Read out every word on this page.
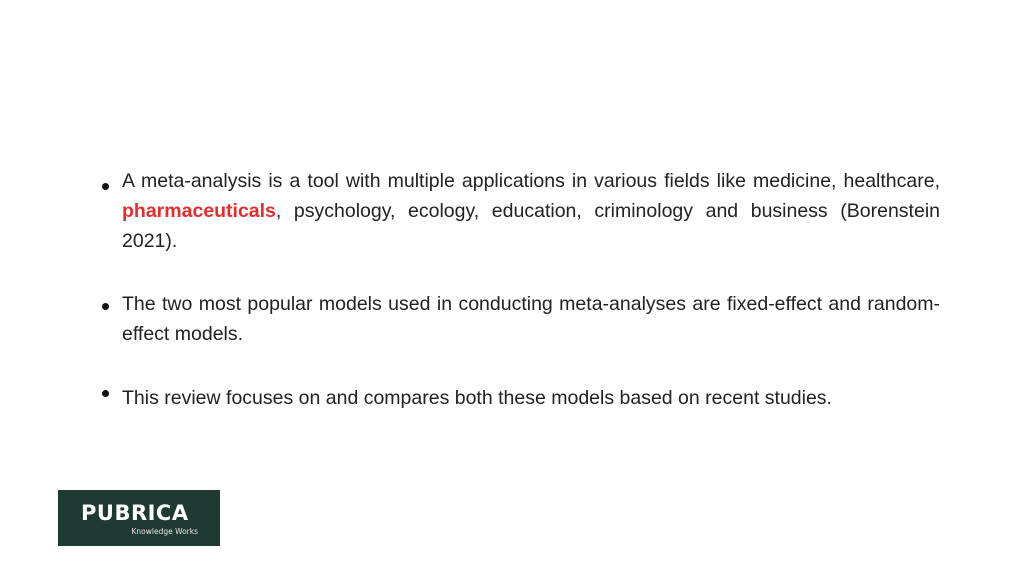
A meta-analysis is a tool with multiple applications in various fields like medicine, healthcare, pharmaceuticals, psychology, ecology, education, criminology and business (Borenstein 2021).
The two most popular models used in conducting meta-analyses are fixed-effect and random-effect models.
This review focuses on and compares both these models based on recent studies.
PUBRICA
Knowledge Works
